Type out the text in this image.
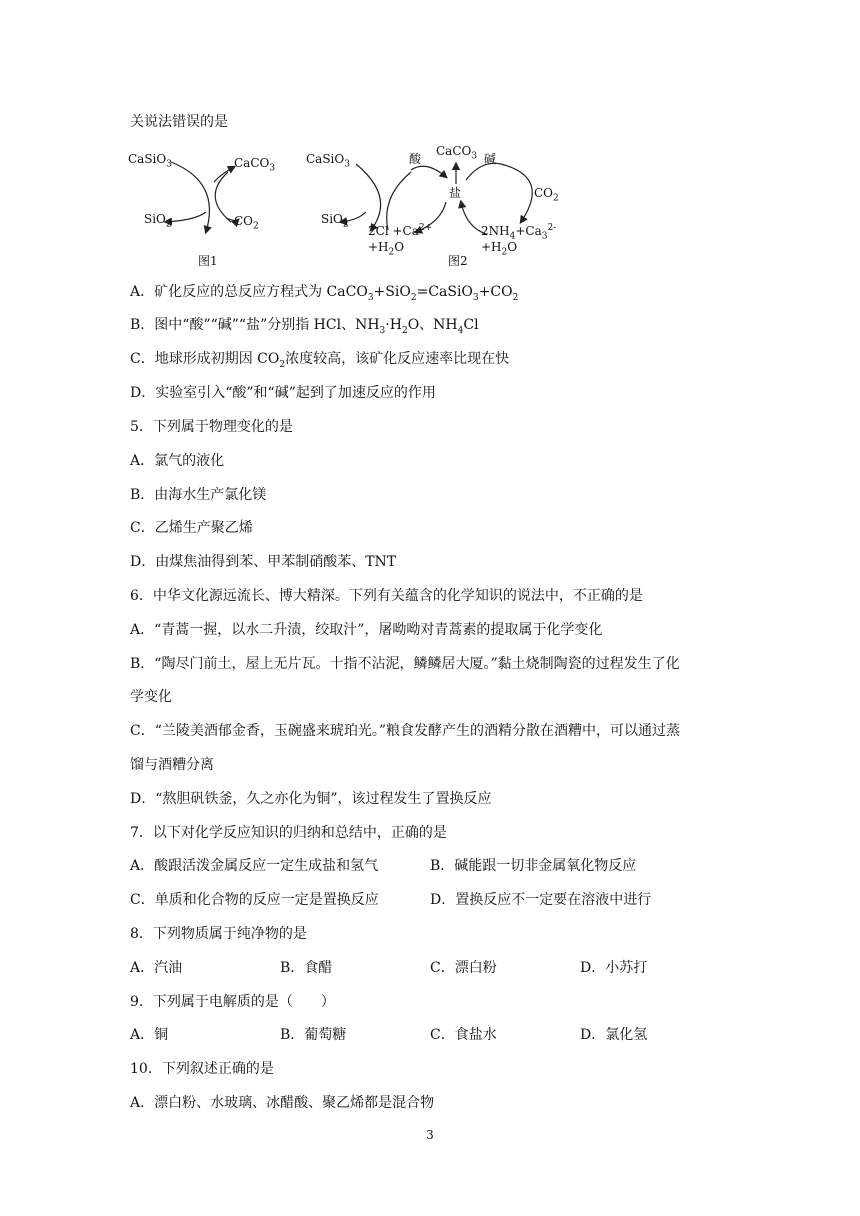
关说法错误的是
CaSiO$_3$	CaCO$_3$
SiO$_2$	$CO_2$
图1
CaSiO$_3$	酸
CaCO$_3$
盐
碱
$CO_2$
SiO$_2$ $2Cl +Ca^{2+}$
$+H_2O$
$2NH_4+Ca_3^{2-}$
$+H_2O$
图2
A．矿化反应的总反应方程式为 $CaCO_3+SiO_2=CaSiO_3+CO_2$
B．图中“酸”“碱”“盐”分别指 HCl、$NH_3\cdot H_2O$、$NH_4Cl$
C．地球形成初期因 $CO_2$浓度较高，该矿化反应速率比现在快
D．实验室引入“酸”和“碱”起到了加速反应的作用
5．下列属于物理变化的是
A．氯气的液化
B．由海水生产氯化镁
C．乙烯生产聚乙烯
D．由煤焦油得到苯、甲苯制硝酸苯、TNT
6．中华文化源远流长、博大精深。下列有关蕴含的化学知识的说法中，不正确的是
A．“青蒿一握，以水二升渍，绞取汁”，屠呦呦对青蒿素的提取属于化学变化
B．“陶尽门前土，屋上无片瓦。十指不沾泥，鳞鳞居大厦。”黏土烧制陶瓷的过程发生了化
学变化
C．“兰陵美酒郁金香，玉碗盛来琥珀光。”粮食发酵产生的酒精分散在酒糟中，可以通过蒸
馏与酒糟分离
D．“熬胆矾铁釜，久之亦化为铜”，该过程发生了置换反应
7．以下对化学反应知识的归纳和总结中，正确的是
A．酸跟活泼金属反应一定生成盐和氢气	B．碱能跟一切非金属氧化物反应
C．单质和化合物的反应一定是置换反应	D．置换反应不一定要在溶液中进行
8．下列物质属于纯净物的是
A．汽油	B．食醋	C．漂白粉	D．小苏打
9．下列属于电解质的是（　　）
A．铜	B．葡萄糖	C．食盐水	D．氯化氢
10．下列叙述正确的是
A．漂白粉、水玻璃、冰醋酸、聚乙烯都是混合物
3
